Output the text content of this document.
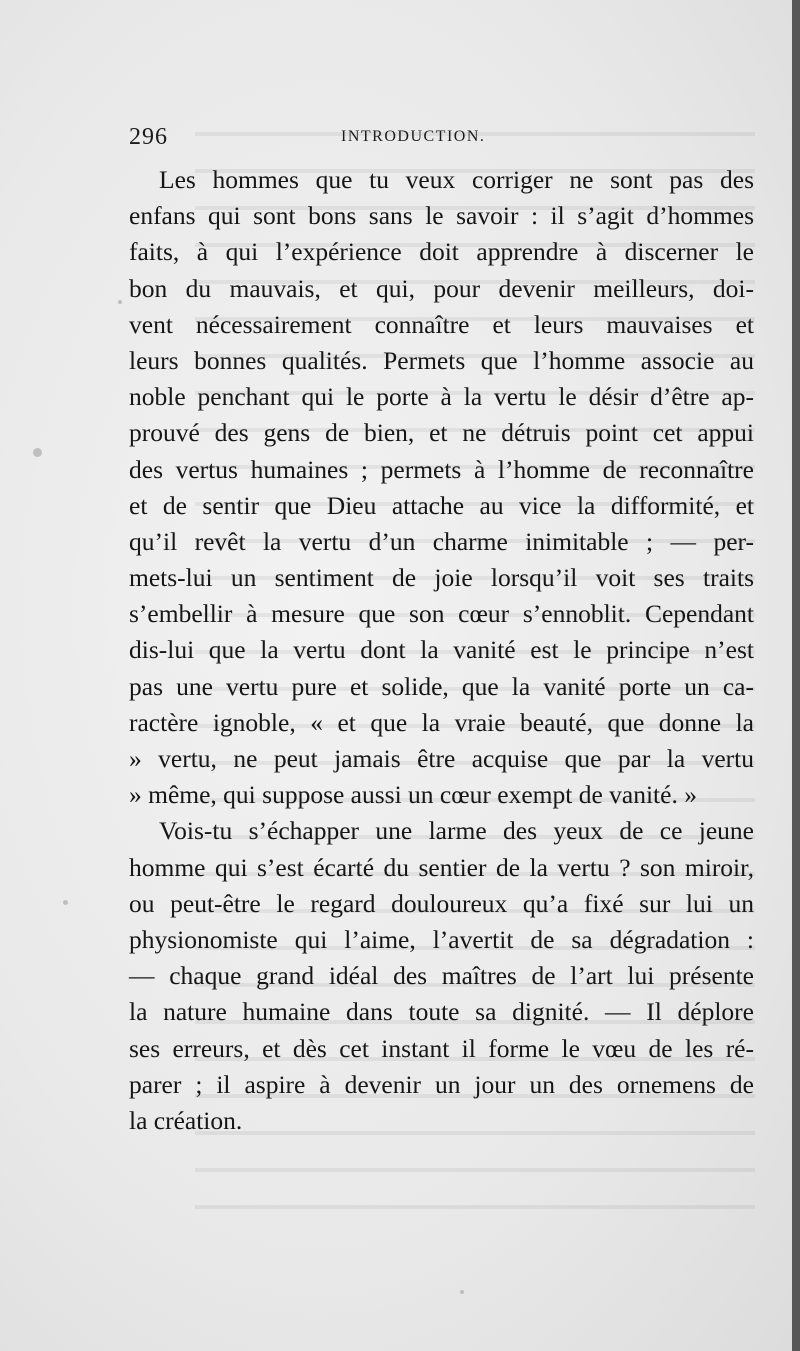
296	INTRODUCTION.
Les hommes que tu veux corriger ne sont pas des
enfans qui sont bons sans le savoir : il s’agit d’hommes
faits, à qui l’expérience doit apprendre à discerner le
bon du mauvais, et qui, pour devenir meilleurs, doi-
vent nécessairement connaître et leurs mauvaises et
leurs bonnes qualités. Permets que l’homme associe au
noble penchant qui le porte à la vertu le désir d’être ap-
prouvé des gens de bien, et ne détruis point cet appui
des vertus humaines ; permets à l’homme de reconnaître
et de sentir que Dieu attache au vice la difformité, et
qu’il revêt la vertu d’un charme inimitable ; — per-
mets-lui un sentiment de joie lorsqu’il voit ses traits
s’embellir à mesure que son cœur s’ennoblit. Cependant
dis-lui que la vertu dont la vanité est le principe n’est
pas une vertu pure et solide, que la vanité porte un ca-
ractère ignoble, « et que la vraie beauté, que donne la
» vertu, ne peut jamais être acquise que par la vertu
» même, qui suppose aussi un cœur exempt de vanité. »
Vois-tu s’échapper une larme des yeux de ce jeune
homme qui s’est écarté du sentier de la vertu ? son miroir,
ou peut-être le regard douloureux qu’a fixé sur lui un
physionomiste qui l’aime, l’avertit de sa dégradation :
— chaque grand idéal des maîtres de l’art lui présente
la nature humaine dans toute sa dignité. — Il déplore
ses erreurs, et dès cet instant il forme le vœu de les ré-
parer ; il aspire à devenir un jour un des ornemens de
la création.
